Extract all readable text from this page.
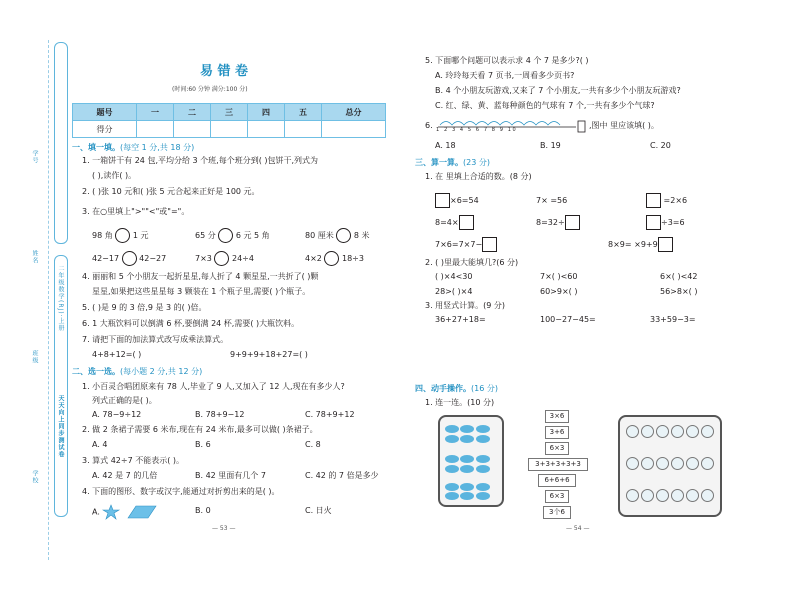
天天向上同步测试卷
二年级数学(RJ)·上册
学校
班级
姓名
学号
易 错 卷
(时间:60 分钟 满分:100 分)
题号	一	二	三	四	五	总分
得分						
一、填一填。(每空 1 分,共 18 分)
1. 一箱饼干有 24 包,平均分给 3 个班,每个班分到( )包饼干,列式为
( ),读作( )。
2. ( )张 10 元和( )张 5 元合起来正好是 100 元。
3. 在○里填上">""<"或"="。
98 角	1 元	65 分	6 元 5 角	80 厘米	8 米
42−17	42−27	7×3	24÷4	4×2	18÷3
4. 丽丽和 5 个小朋友一起折星星,每人折了 4 颗星星,一共折了( )颗
星星,如果把这些星星每 3 颗装在 1 个瓶子里,需要( )个瓶子。
5. ( )是 9 的 3 倍,9 是 3 的( )倍。
6. 1 大瓶饮料可以倒满 6 杯,要倒满 24 杯,需要( )大瓶饮料。
7. 请把下面的加法算式改写成乘法算式。
4+8+12=( )	9+9+9+18+27=( )
二、选一选。(每小题 2 分,共 12 分)
1. 小百灵合唱团原来有 78 人,毕业了 9 人,又加入了 12 人,现在有多少人?
列式正确的是( )。
A. 78−9÷12	B. 78+9−12	C. 78+9+12
2. 做 2 条裙子需要 6 米布,现在有 24 米布,最多可以做( )条裙子。
A. 4	B. 6	C. 8
3. 算式 42÷7 不能表示( )。
A. 42 是 7 的几倍	B. 42 里面有几个 7	C. 42 的 7 倍是多少
4. 下面的图形、数字或汉字,能通过对折剪出来的是( )。
A.	B. 0	C. 日火
— 53 —
5. 下面哪个问题可以表示求 4 个 7 是多少?( )
A. 玲玲每天看 7 页书,一周看多少页书?
B. 4 个小朋友玩游戏,又来了 7 个小朋友,一共有多少个小朋友玩游戏?
C. 红、绿、黄、蓝每种颜色的气球有 7 个,一共有多少个气球?
6. 1 2 3 4 5 6 7 8 9 10	,图中 里应该填( )。
A. 18	B. 19	C. 20
三、算一算。(23 分)
1. 在 里填上合适的数。(8 分)
×6=54	7× =56	=2×6
8=4×	8=32÷	÷3=6
7×6=7×7−	8×9= ×9+9
2. ( )里最大能填几?(6 分)
( )×4<30	7×( )<60	6×( )<42
28>( )×4	60>9×( )	56>8×( )
3. 用竖式计算。(9 分)
36+27+18=	100−27−45=	33+59−3=
四、动手操作。(16 分)
1. 连一连。(10 分)
3×6
3+6
6×3
3+3+3+3+3
6+6+6
6×3
3个6
— 54 —
